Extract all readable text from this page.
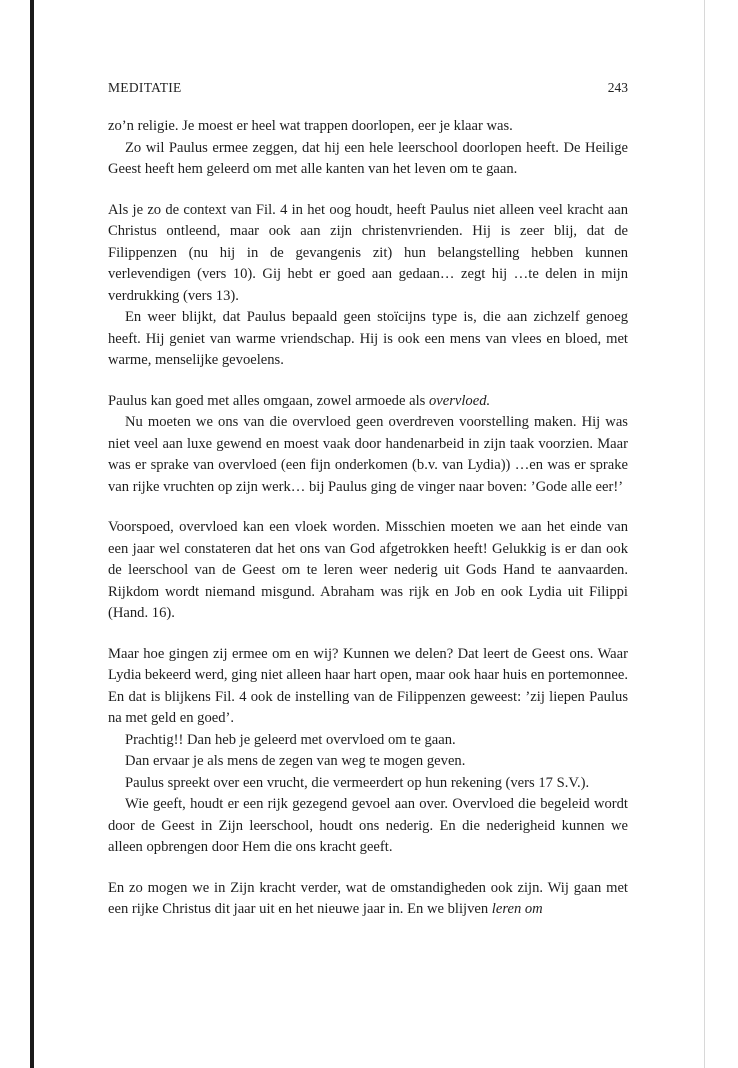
MEDITATIE	243

zo’n religie. Je moest er heel wat trappen doorlopen, eer je klaar was.

Zo wil Paulus ermee zeggen, dat hij een hele leerschool doorlopen heeft. De Heilige Geest heeft hem geleerd om met alle kanten van het leven om te gaan.

Als je zo de context van Fil. 4 in het oog houdt, heeft Paulus niet alleen veel kracht aan Christus ontleend, maar ook aan zijn christenvrienden. Hij is zeer blij, dat de Filippenzen (nu hij in de gevangenis zit) hun belangstelling hebben kunnen verlevendigen (vers 10). Gij hebt er goed aan gedaan… zegt hij …te delen in mijn verdrukking (vers 13).

En weer blijkt, dat Paulus bepaald geen stoïcijns type is, die aan zichzelf genoeg heeft. Hij geniet van warme vriendschap. Hij is ook een mens van vlees en bloed, met warme, menselijke gevoelens.

Paulus kan goed met alles omgaan, zowel armoede als overvloed.

Nu moeten we ons van die overvloed geen overdreven voorstelling maken. Hij was niet veel aan luxe gewend en moest vaak door handenarbeid in zijn taak voorzien. Maar was er sprake van overvloed (een fijn onderkomen (b.v. van Lydia)) …en was er sprake van rijke vruchten op zijn werk… bij Paulus ging de vinger naar boven: ’Gode alle eer!’

Voorspoed, overvloed kan een vloek worden. Misschien moeten we aan het einde van een jaar wel constateren dat het ons van God afgetrokken heeft! Gelukkig is er dan ook de leerschool van de Geest om te leren weer nederig uit Gods Hand te aanvaarden. Rijkdom wordt niemand misgund. Abraham was rijk en Job en ook Lydia uit Filippi (Hand. 16).

Maar hoe gingen zij ermee om en wij? Kunnen we delen? Dat leert de Geest ons. Waar Lydia bekeerd werd, ging niet alleen haar hart open, maar ook haar huis en portemonnee. En dat is blijkens Fil. 4 ook de instelling van de Filippenzen geweest: ’zij liepen Paulus na met geld en goed’.

Prachtig!! Dan heb je geleerd met overvloed om te gaan.

Dan ervaar je als mens de zegen van weg te mogen geven.

Paulus spreekt over een vrucht, die vermeerdert op hun rekening (vers 17 S.V.).

Wie geeft, houdt er een rijk gezegend gevoel aan over. Overvloed die begeleid wordt door de Geest in Zijn leerschool, houdt ons nederig. En die nederigheid kunnen we alleen opbrengen door Hem die ons kracht geeft.

En zo mogen we in Zijn kracht verder, wat de omstandigheden ook zijn. Wij gaan met een rijke Christus dit jaar uit en het nieuwe jaar in. En we blijven leren om
